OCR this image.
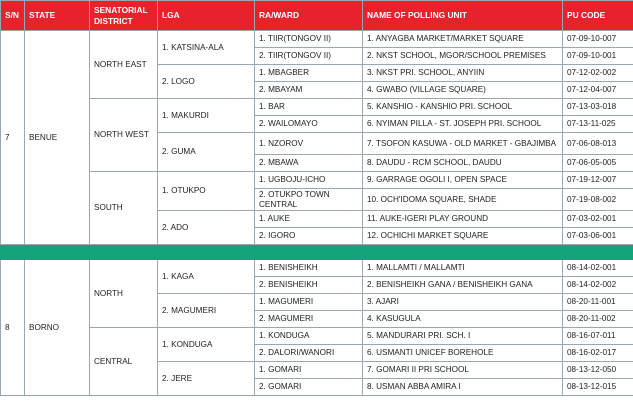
S/N	STATE	SENATORIAL DISTRICT	LGA	RA/WARD	NAME OF POLLING UNIT	PU CODE
7	BENUE	NORTH EAST	1. KATSINA-ALA	1. TIIR(TONGOV II)	1. ANYAGBA MARKET/MARKET SQUARE	07-09-10-007
				2. TIIR(TONGOV II)	2. NKST SCHOOL, MGOR/SCHOOL PREMISES	07-09-10-001
			2. LOGO	1. MBAGBER	3. NKST PRI. SCHOOL, ANYIIN	07-12-02-002
				2. MBAYAM	4. GWABO (VILLAGE SQUARE)	07-12-04-007
		NORTH WEST	1. MAKURDI	1. BAR	5. KANSHIO - KANSHIO PRI. SCHOOL	07-13-03-018
				2. WAILOMAYO	6. NYIMAN PILLA - ST. JOSEPH PRI. SCHOOL	07-13-11-025
			2. GUMA	1. NZOROV	7. TSOFON KASUWA - OLD MARKET - GBAJIMBA	07-06-08-013
				2. MBAWA	8. DAUDU - RCM SCHOOL, DAUDU	07-06-05-005
		SOUTH	1. OTUKPO	1. UGBOJU-ICHO	9. GARRAGE OGOLI I, OPEN SPACE	07-19-12-007
				2. OTUKPO TOWN CENTRAL	10. OCH'IDOMA SQUARE, SHADE	07-19-08-002
			2. ADO	1. AUKE	11. AUKE-IGERI PLAY GROUND	07-03-02-001
				2. IGORO	12. OCHICHI MARKET SQUARE	07-03-06-001

8	BORNO	NORTH	1. KAGA	1. BENISHEIKH	1. MALLAMTI / MALLAMTI	08-14-02-001
				2. BENISHEIKH	2. BENISHEIKH GANA / BENISHEIKH GANA	08-14-02-002
			2. MAGUMERI	1. MAGUMERI	3. AJARI	08-20-11-001
				2. MAGUMERI	4. KASUGULA	08-20-11-002
		CENTRAL	1. KONDUGA	1. KONDUGA	5. MANDURARI PRI. SCH. I	08-16-07-011
				2. DALORI/WANORI	6. USMANTI UNICEF BOREHOLE	08-16-02-017
			2. JERE	1. GOMARI	7. GOMARI II PRI SCHOOL	08-13-12-050
				2. GOMARI	8. USMAN ABBA AMIRA I	08-13-12-015
